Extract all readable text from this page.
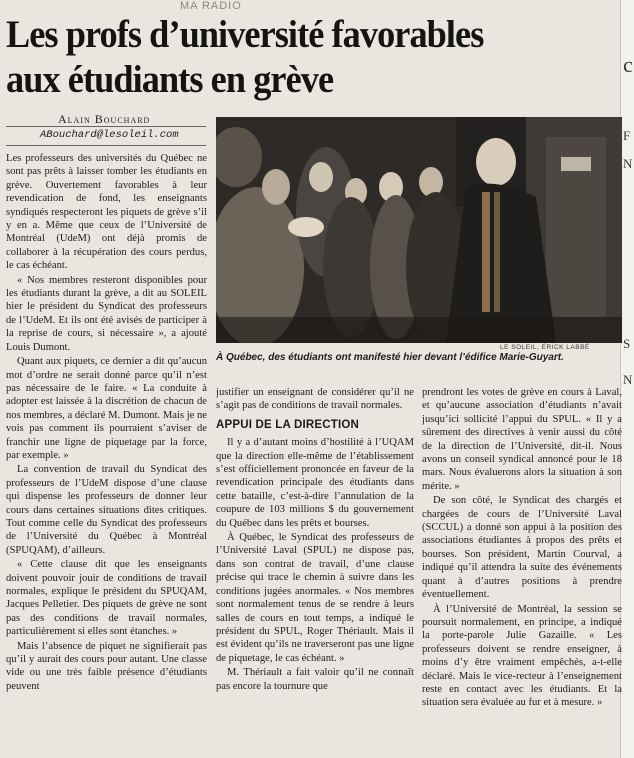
MA RADIO
Les profs d’université favorables
aux étudiants en grève	c
F
N
S
N
Alain Bouchard
ABouchard@lesoleil.com

Les professeurs des universités du Québec ne sont pas prêts à laisser tomber les étudiants en grève. Ouvertement favorables à leur revendication de fond, les enseignants syndiqués respecteront les piquets de grève s’il y en a. Même que ceux de l’Université de Montréal (UdeM) ont déjà promis de collaborer à la récupération des cours perdus, le cas échéant.

« Nos membres resteront disponibles pour les étudiants durant la grève, a dit au SOLEIL hier le président du Syndicat des professeurs de l’UdeM. Et ils ont été avisés de participer à la reprise de cours, si nécessaire », a ajouté Louis Dumont.

Quant aux piquets, ce dernier a dit qu’aucun mot d’ordre ne serait donné parce qu’il n’est pas nécessaire de le faire. « La conduite à adopter est laissée à la discrétion de chacun de nos membres, a déclaré M. Dumont. Mais je ne vois pas comment ils pourraient s’aviser de franchir une ligne de piquetage par la force, par exemple. »

La convention de travail du Syndicat des professeurs de l’UdeM dispose d’une clause qui dispense les professeurs de donner leur cours dans certaines situations dites critiques. Tout comme celle du Syndicat des professeurs de l’Université du Québec à Montréal (SPUQAM), d’ailleurs.

« Cette clause dit que les enseignants doivent pouvoir jouir de conditions de travail normales, explique le président du SPUQAM, Jacques Pelletier. Des piquets de grève ne sont pas des conditions de travail normales, particulièrement si elles sont étanches. »

Mais l’absence de piquet ne signifierait pas qu’il y aurait des cours pour autant. Une classe vide ou une très faible présence d’étudiants peuvent

LE SOLEIL, ÉRICK LABBÉ
À Québec, des étudiants ont manifesté hier devant l’édifice Marie-Guyart.

justifier un enseignant de considérer qu’il ne s’agit pas de conditions de travail normales.

APPUI DE LA DIRECTION

Il y a d’autant moins d’hostilité à l’UQAM que la direction elle-même de l’établissement s’est officiellement prononcée en faveur de la revendication principale des étudiants dans cette bataille, c’est-à-dire l’annulation de la coupure de 103 millions $ du gouvernement du Québec dans les prêts et bourses.

À Québec, le Syndicat des professeurs de l’Université Laval (SPUL) ne dispose pas, dans son contrat de travail, d’une clause précise qui trace le chemin à suivre dans les conditions jugées anormales. « Nos membres sont normalement tenus de se rendre à leurs salles de cours en tout temps, a indiqué le président du SPUL, Roger Thériault. Mais il est évident qu’ils ne traverseront pas une ligne de piquetage, le cas échéant. »

M. Thériault a fait valoir qu’il ne connaît pas encore la tournure que

prendront les votes de grève en cours à Laval, et qu’aucune association d’étudiants n’avait jusqu’ici sollicité l’appui du SPUL. « Il y a sûrement des directives à venir aussi du côté de la direction de l’Université, dit-il. Nous avons un conseil syndical annoncé pour le 18 mars. Nous évaluerons alors la situation à son mérite. »

De son côté, le Syndicat des chargés et chargées de cours de l’Université Laval (SCCUL) a donné son appui à la position des associations étudiantes à propos des prêts et bourses. Son président, Martin Courval, a indiqué qu’il attendra la suite des événements quant à d’autres positions à prendre éventuellement.

À l’Université de Montréal, la session se poursuit normalement, en principe, a indiqué la porte-parole Julie Gazaille. « Les professeurs doivent se rendre enseigner, à moins d’y être vraiment empêchés, a-t-elle déclaré. Mais le vice-recteur à l’enseignement reste en contact avec les étudiants. Et la situation sera évaluée au fur et à mesure. »
